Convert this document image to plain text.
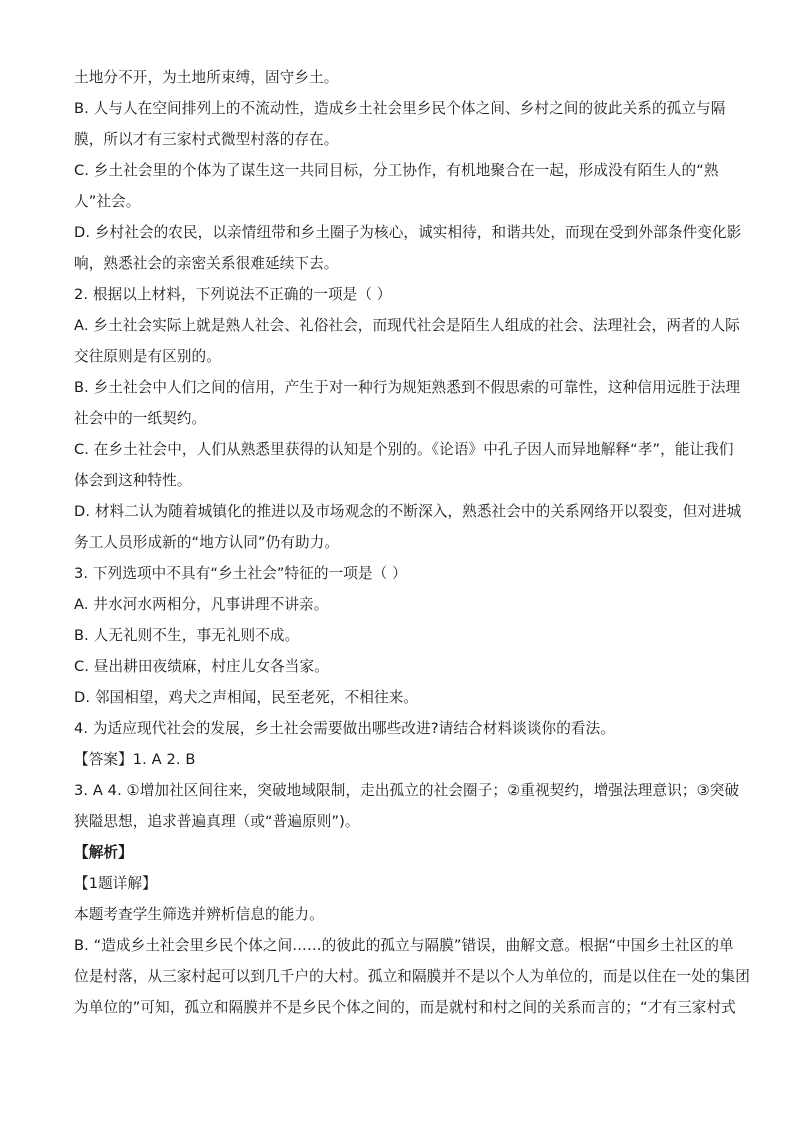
土地分不开，为土地所束缚，固守乡土。
B. 人与人在空间排列上的不流动性，造成乡土社会里乡民个体之间、乡村之间的彼此关系的孤立与隔
膜，所以才有三家村式微型村落的存在。
C. 乡土社会里的个体为了谋生这一共同目标，分工协作，有机地聚合在一起，形成没有陌生人的“熟
人”社会。
D. 乡村社会的农民，以亲情纽带和乡土圈子为核心，诚实相待，和谐共处，而现在受到外部条件变化影
响，熟悉社会的亲密关系很难延续下去。
2. 根据以上材料，下列说法不正确的一项是（ ）
A. 乡土社会实际上就是熟人社会、礼俗社会，而现代社会是陌生人组成的社会、法理社会，两者的人际
交往原则是有区别的。
B. 乡土社会中人们之间的信用，产生于对一种行为规矩熟悉到不假思索的可靠性，这种信用远胜于法理
社会中的一纸契约。
C. 在乡土社会中，人们从熟悉里获得的认知是个别的。《论语》中孔子因人而异地解释“孝”，能让我们
体会到这种特性。
D. 材料二认为随着城镇化的推进以及市场观念的不断深入，熟悉社会中的关系网络开以裂变，但对进城
务工人员形成新的“地方认同”仍有助力。
3. 下列选项中不具有“乡土社会”特征的一项是（ ）
A. 井水河水两相分，凡事讲理不讲亲。
B. 人无礼则不生，事无礼则不成。
C. 昼出耕田夜绩麻，村庄儿女各当家。
D. 邻国相望，鸡犬之声相闻，民至老死，不相往来。
4. 为适应现代社会的发展，乡土社会需要做出哪些改进?请结合材料谈谈你的看法。
【答案】1. A 2. B
3. A 4. ①增加社区间往来，突破地域限制，走出孤立的社会圈子；②重视契约，增强法理意识；③突破
狭隘思想，追求普遍真理（或“普遍原则”)。
【解析】
【1题详解】
本题考查学生筛选并辨析信息的能力。
B. “造成乡土社会里乡民个体之间……的彼此的孤立与隔膜”错误，曲解文意。根据“中国乡土社区的单
位是村落，从三家村起可以到几千户的大村。孤立和隔膜并不是以个人为单位的，而是以住在一处的集团
为单位的”可知，孤立和隔膜并不是乡民个体之间的，而是就村和村之间的关系而言的；“才有三家村式
